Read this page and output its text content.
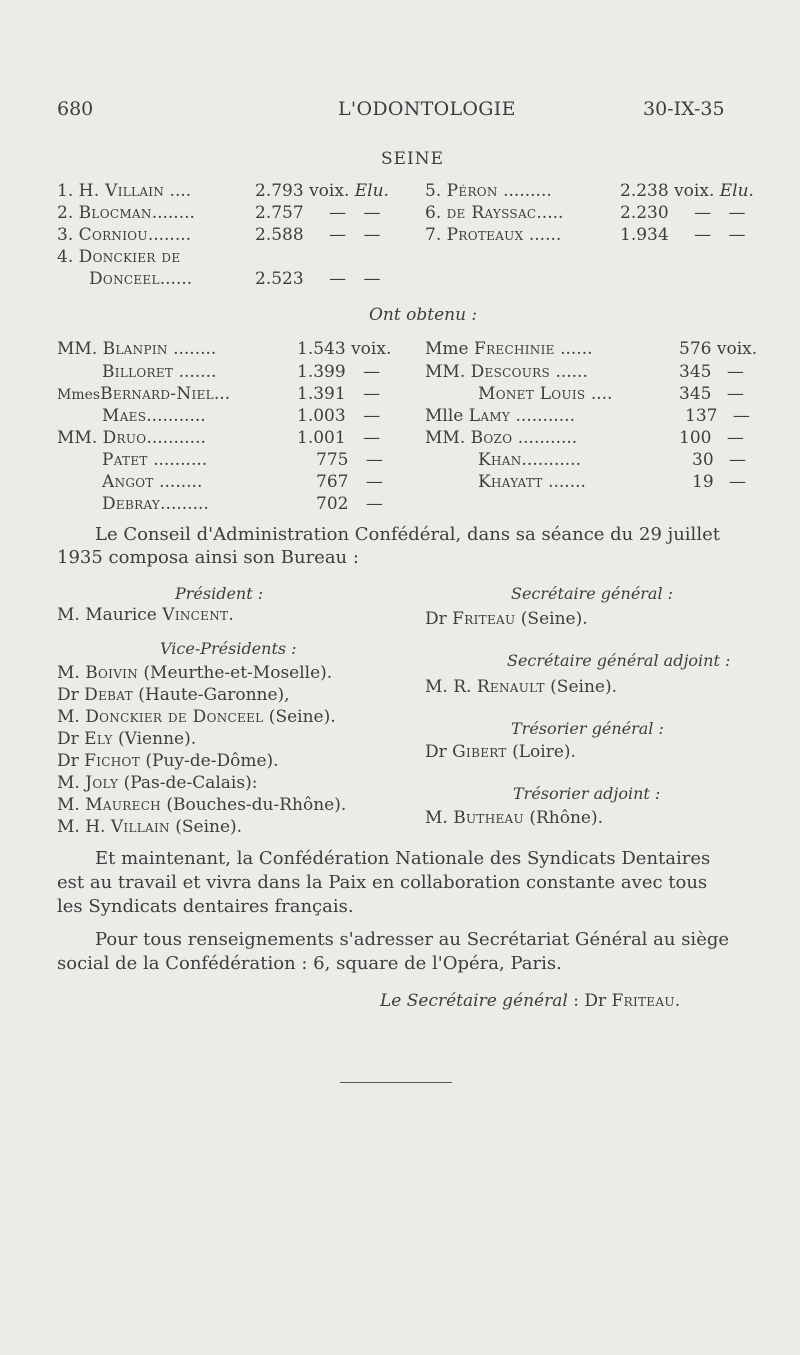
680	L'ODONTOLOGIE	30-IX-35
SEINE
1. H. Villain ....	2.793 voix. Elu.
2. Blocman........	2.757 — —
3. Corniou........	2.588 — —
4. Donckier de
Donceel......	2.523 — —
5. Péron .........	2.238 voix. Elu.
6. de Rayssac.....	2.230 — —
7. Proteaux ......	1.934 — —
Ont obtenu :
MM. Blanpin ........	1.543 voix.
Billoret .......	1.399 —
MmesBernard-Niel...	1.391 —
Maes...........	1.003 —
MM. Druo...........	1.001 —
Patet ..........	775 —
Angot ........	767 —
Debray.........	702 —
Mme Frechinie ......	576 voix.
MM. Descours ......	345 —
Monet Louis ....	345 —
Mlle Lamy ...........	137 —
MM. Bozo ...........	100 —
Khan...........	30 —
Khayatt .......	19 —
Le Conseil d'Administration Confédéral, dans sa séance du 29 juillet
1935 composa ainsi son Bureau :
Président :
M. Maurice Vincent.
Vice-Présidents :
M. Boivin (Meurthe-et-Moselle).
Dr Debat (Haute-Garonne),
M. Donckier de Donceel (Seine).
Dr Ely (Vienne).
Dr Fichot (Puy-de-Dôme).
M. Joly (Pas-de-Calais):
M. Maurech (Bouches-du-Rhône).
M. H. Villain (Seine).
Secrétaire général :
Dr Friteau (Seine).
Secrétaire général adjoint :
M. R. Renault (Seine).
Trésorier général :
Dr Gibert (Loire).
Trésorier adjoint :
M. Butheau (Rhône).
Et maintenant, la Confédération Nationale des Syndicats Dentaires
est au travail et vivra dans la Paix en collaboration constante avec tous
les Syndicats dentaires français.
Pour tous renseignements s'adresser au Secrétariat Général au siège
social de la Confédération : 6, square de l'Opéra, Paris.
Le Secrétaire général : Dr Friteau.
